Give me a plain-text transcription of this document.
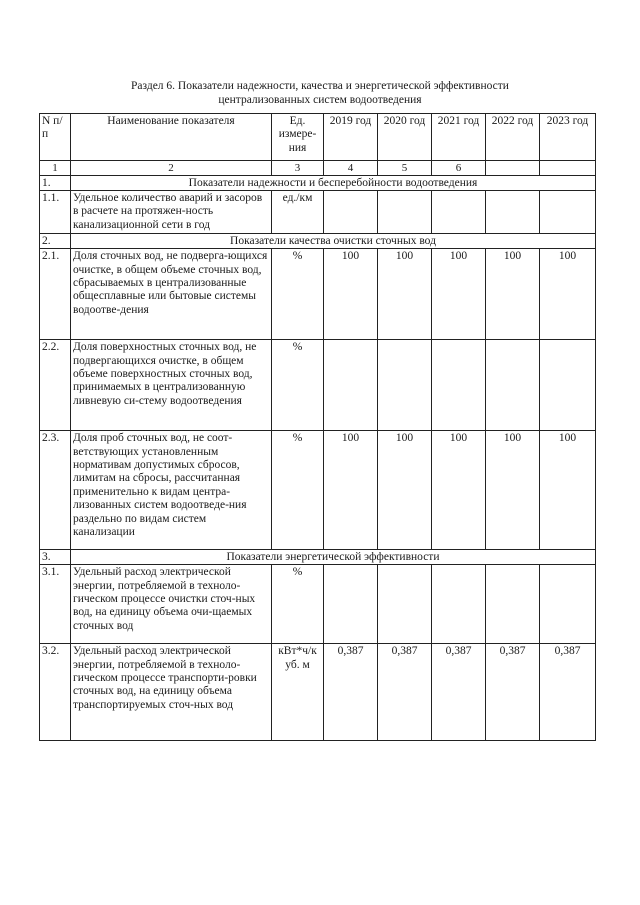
Раздел 6. Показатели надежности, качества и энергетической эффективности
централизованных систем водоотведения
N п/п	Наименование показателя	Ед. измере-ния	2019 год	2020 год	2021 год	2022 год	2023 год
1	2	3	4	5	6		
1.	Показатели надежности и бесперебойности водоотведения						
1.1.	Удельное количество аварий и засоров в расчете на протяжен-ность канализационной сети в год	ед./км					
2.	Показатели качества очистки сточных вод						
2.1.	Доля сточных вод, не подверга-ющихся очистке, в общем объеме сточных вод, сбрасываемых в централизованные общесплавные или бытовые системы водоотве-дения	%	100	100	100	100	100
2.2.	Доля поверхностных сточных вод, не подвергающихся очистке, в общем объеме поверхностных сточных вод, принимаемых в централизованную ливневую си-стему водоотведения	%					
2.3.	Доля проб сточных вод, не соот-ветствующих установленным нормативам допустимых сбросов, лимитам на сбросы, рассчитанная применительно к видам центра-лизованных систем водоотведе-ния раздельно по видам систем канализации	%	100	100	100	100	100
3.	Показатели энергетической эффективности						
3.1.	Удельный расход электрической энергии, потребляемой в техноло-гическом процессе очистки сточ-ных вод, на единицу объема очи-щаемых сточных вод	%					
3.2.	Удельный расход электрической энергии, потребляемой в техноло-гическом процессе транспорти-ровки сточных вод, на единицу объема транспортируемых сточ-ных вод	кВт*ч/к уб. м	0,387	0,387	0,387	0,387	0,387
